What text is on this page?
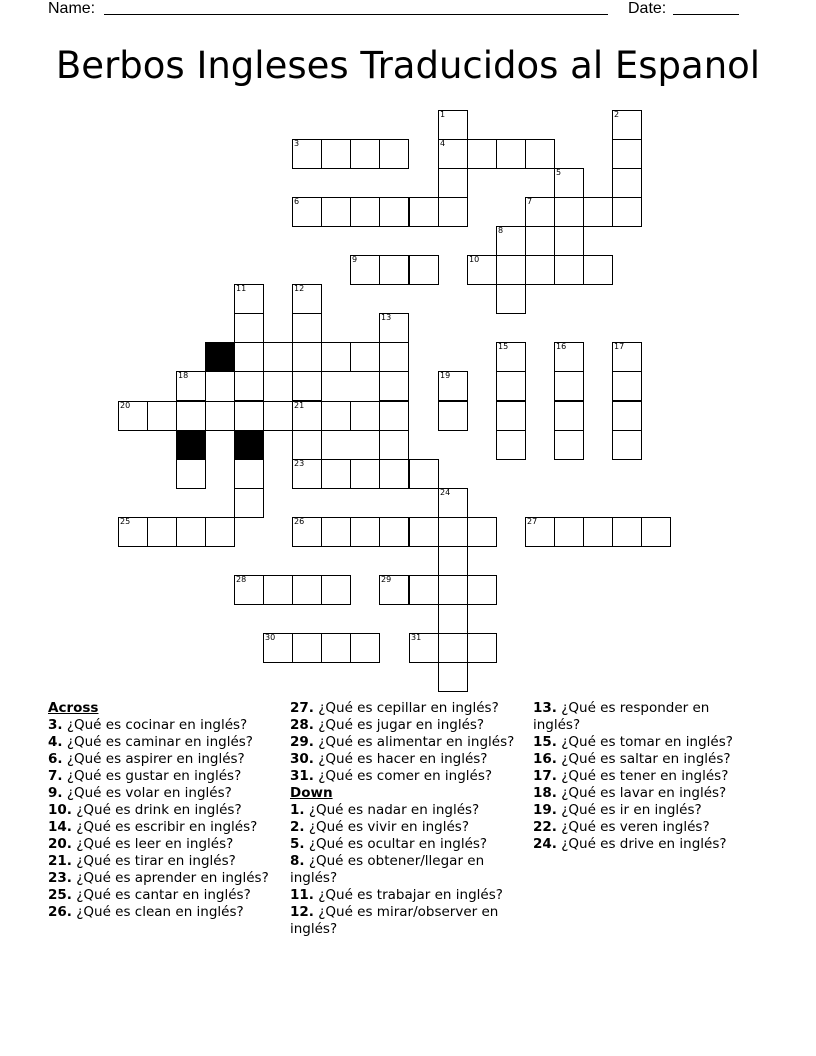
Name:	Date:
Berbos Ingleses Traducidos al Espanol
1
4
2
3
5
6	7
8
9	10
11
22
12
21
13
14	15	16	17
18	19
20
23
24
25	26	27
28	29
30	31
Across
3. ¿Qué es cocinar en inglés?
4. ¿Qué es caminar en inglés?
6. ¿Qué es aspirer en inglés?
7. ¿Qué es gustar en inglés?
9. ¿Qué es volar en inglés?
10. ¿Qué es drink en inglés?
14. ¿Qué es escribir en inglés?
20. ¿Qué es leer en inglés?
21. ¿Qué es tirar en inglés?
23. ¿Qué es aprender en inglés?
25. ¿Qué es cantar en inglés?
26. ¿Qué es clean en inglés?
27. ¿Qué es cepillar en inglés?
28. ¿Qué es jugar en inglés?
29. ¿Qué es alimentar en inglés?
30. ¿Qué es hacer en inglés?
31. ¿Qué es comer en inglés?
Down
1. ¿Qué es nadar en inglés?
2. ¿Qué es vivir en inglés?
5. ¿Qué es ocultar en inglés?
8. ¿Qué es obtener/llegar en inglés?
11. ¿Qué es trabajar en inglés?
12. ¿Qué es mirar/observer en inglés?
13. ¿Qué es responder en inglés?
15. ¿Qué es tomar en inglés?
16. ¿Qué es saltar en inglés?
17. ¿Qué es tener en inglés?
18. ¿Qué es lavar en inglés?
19. ¿Qué es ir en inglés?
22. ¿Qué es veren inglés?
24. ¿Qué es drive en inglés?
